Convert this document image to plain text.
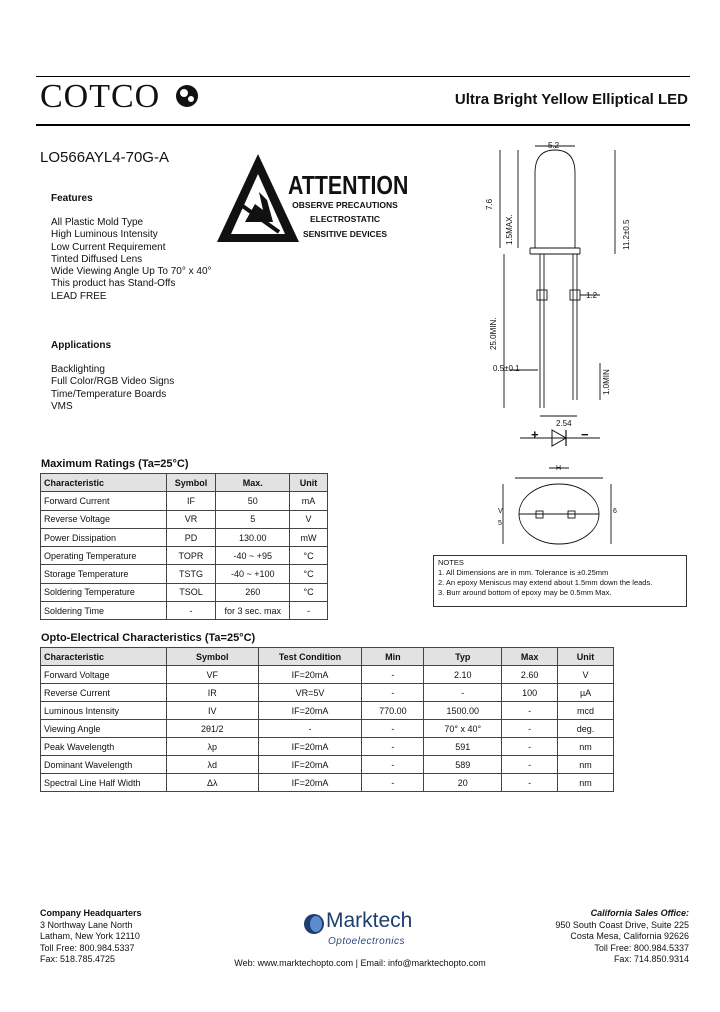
COTCO	Ultra Bright Yellow Elliptical LED
LO566AYL4-70G-A
Features
All Plastic Mold Type
High Luminous Intensity
Low Current Requirement
Tinted Diffused Lens
Wide Viewing Angle Up To 70° x 40°
This product has Stand-Offs
LEAD FREE
Applications
Backlighting
Full Color/RGB Video Signs
Time/Temperature Boards
VMS
ATTENTION
OBSERVE PRECAUTIONS
ELECTROSTATIC
SENSITIVE DEVICES
5.2
7.6
1.5MAX.	11.2±0.5
1.2
25.0MIN.
0.5±0.1
1.0MIN
2.54
+	−
H
V
5
6
NOTES
1. All Dimensions are in mm. Tolerance is ±0.25mm
2. An epoxy Meniscus may extend about 1.5mm down the leads.
3. Burr around bottom of epoxy may be 0.5mm Max.
Maximum Ratings (Ta=25°C)
Characteristic	Symbol	Max.	Unit
Forward Current	IF	50	mA
Reverse Voltage	VR	5	V
Power Dissipation	PD	130.00	mW
Operating Temperature	TOPR	-40 ~ +95	°C
Storage Temperature	TSTG	-40 ~ +100	°C
Soldering Temperature	TSOL	260	°C
Soldering Time	-	for 3 sec. max	-
Opto-Electrical Characteristics (Ta=25°C)
Characteristic	Symbol	Test Condition	Min	Typ	Max	Unit
Forward Voltage	VF	IF=20mA	-	2.10	2.60	V
Reverse Current	IR	VR=5V	-	-	100	µA
Luminous Intensity	IV	IF=20mA	770.00	1500.00	-	mcd
Viewing Angle	2θ1/2	-	-	70° x 40°	-	deg.
Peak Wavelength	λp	IF=20mA	-	591	-	nm
Dominant Wavelength	λd	IF=20mA	-	589	-	nm
Spectral Line Half Width	Δλ	IF=20mA	-	20	-	nm
Company Headquarters
3 Northway Lane North
Latham, New York 12110
Toll Free: 800.984.5337
Fax: 518.785.4725
Marktech
Optoelectronics
California Sales Office:
950 South Coast Drive, Suite 225
Costa Mesa, California 92626
Toll Free: 800.984.5337
Fax: 714.850.9314
Web: www.marktechopto.com | Email: info@marktechopto.com
